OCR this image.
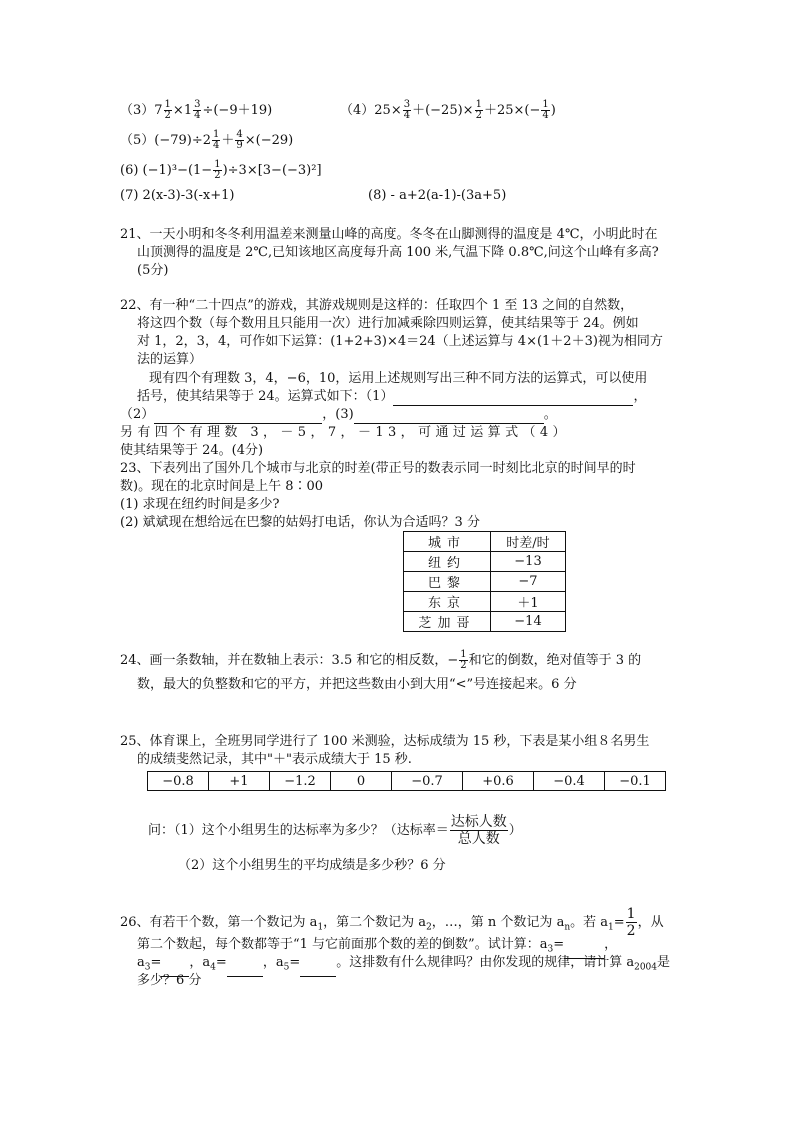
$(3)7 \frac{1}{2} \times 1 \frac{3}{4} \div(-9+19)$	$(4)25\times \frac{3}{4} +(-25)\times \frac{1}{2} +25\times(- \frac{1}{4}$ )
$(5)(-79)\div 2 \frac{1}{4} + \frac{4}{9} \times(-29)$
(6) $(-1)^3-(1- \frac{1}{2} )\div 3\times[3-(-3)^2]$
(7) 2(x-3)-3(-x+1)	(8) - a+2(a-1)-(3a+5)
21、一天小明和冬冬利用温差来测量山峰的高度。冬冬在山脚测得的温度是 4℃，小明此时在
山顶测得的温度是 2℃,已知该地区高度每升高 100 米,气温下降 0.8℃,问这个山峰有多高?
(5分)
22、有一种“二十四点”的游戏，其游戏规则是这样的：任取四个 1 至 13 之间的自然数，
将这四个数（每个数用且只能用一次）进行加减乘除四则运算，使其结果等于 24。例如
对 1，2，3，4，可作如下运算：(1+2+3)×4＝24（上述运算与 4×(1＋2＋3)视为相同方
法的运算）
现有四个有理数 3，4，−6，10，运用上述规则写出三种不同方法的运算式，可以使用
括号，使其结果等于 24。运算式如下：（1）	，
（2）	，(3)	。
另有四个有理数 3，－5，7，－13，可通过运算式（4）
使其结果等于 24。(4分)
23、下表列出了国外几个城市与北京的时差(带正号的数表示同一时刻比北京的时间早的时
数)。现在的北京时间是上午 8∶00
(1) 求现在纽约时间是多少?
(2) 斌斌现在想给远在巴黎的姑妈打电话，你认为合适吗？3 分
城市	时差/时
纽约	−13
巴黎	−7
东京	＋1
芝加哥	−14
24、画一条数轴，并在数轴上表示：3.5 和它的相反数，− $\frac{1}{2}$ 和它的倒数，绝对值等于 3 的
数，最大的负整数和它的平方，并把这些数由小到大用“<”号连接起来。6 分
25、体育课上，全班男同学进行了 100 米测验，达标成绩为 15 秒，下表是某小组８名男生
的成绩斐然记录，其中"＋"表示成绩大于 15 秒.
−0.8	+1	−1.2	0	−0.7	+0.6	−0.4	−0.1
问：（1）这个小组男生的达标率为多少？（达标率＝ $\frac{\text{达标人数}}{\text{总人数}}$ ）
（2）这个小组男生的平均成绩是多少秒？6 分
26、有若干个数，第一个数记为 $a_1$，第二个数记为 $a_2$，…，第 n 个数记为 $a_n$。若 $a_1= \frac{1}{2}$ ，从
第二个数起，每个数都等于“1 与它前面那个数的差的倒数”。试计算：$a_3=$	，
$a_3=$ ，$a_4=$	，$a_5=$	。这排数有什么规律吗？由你发现的规律，请计算 $a_{2004}$是
多少？6 分
